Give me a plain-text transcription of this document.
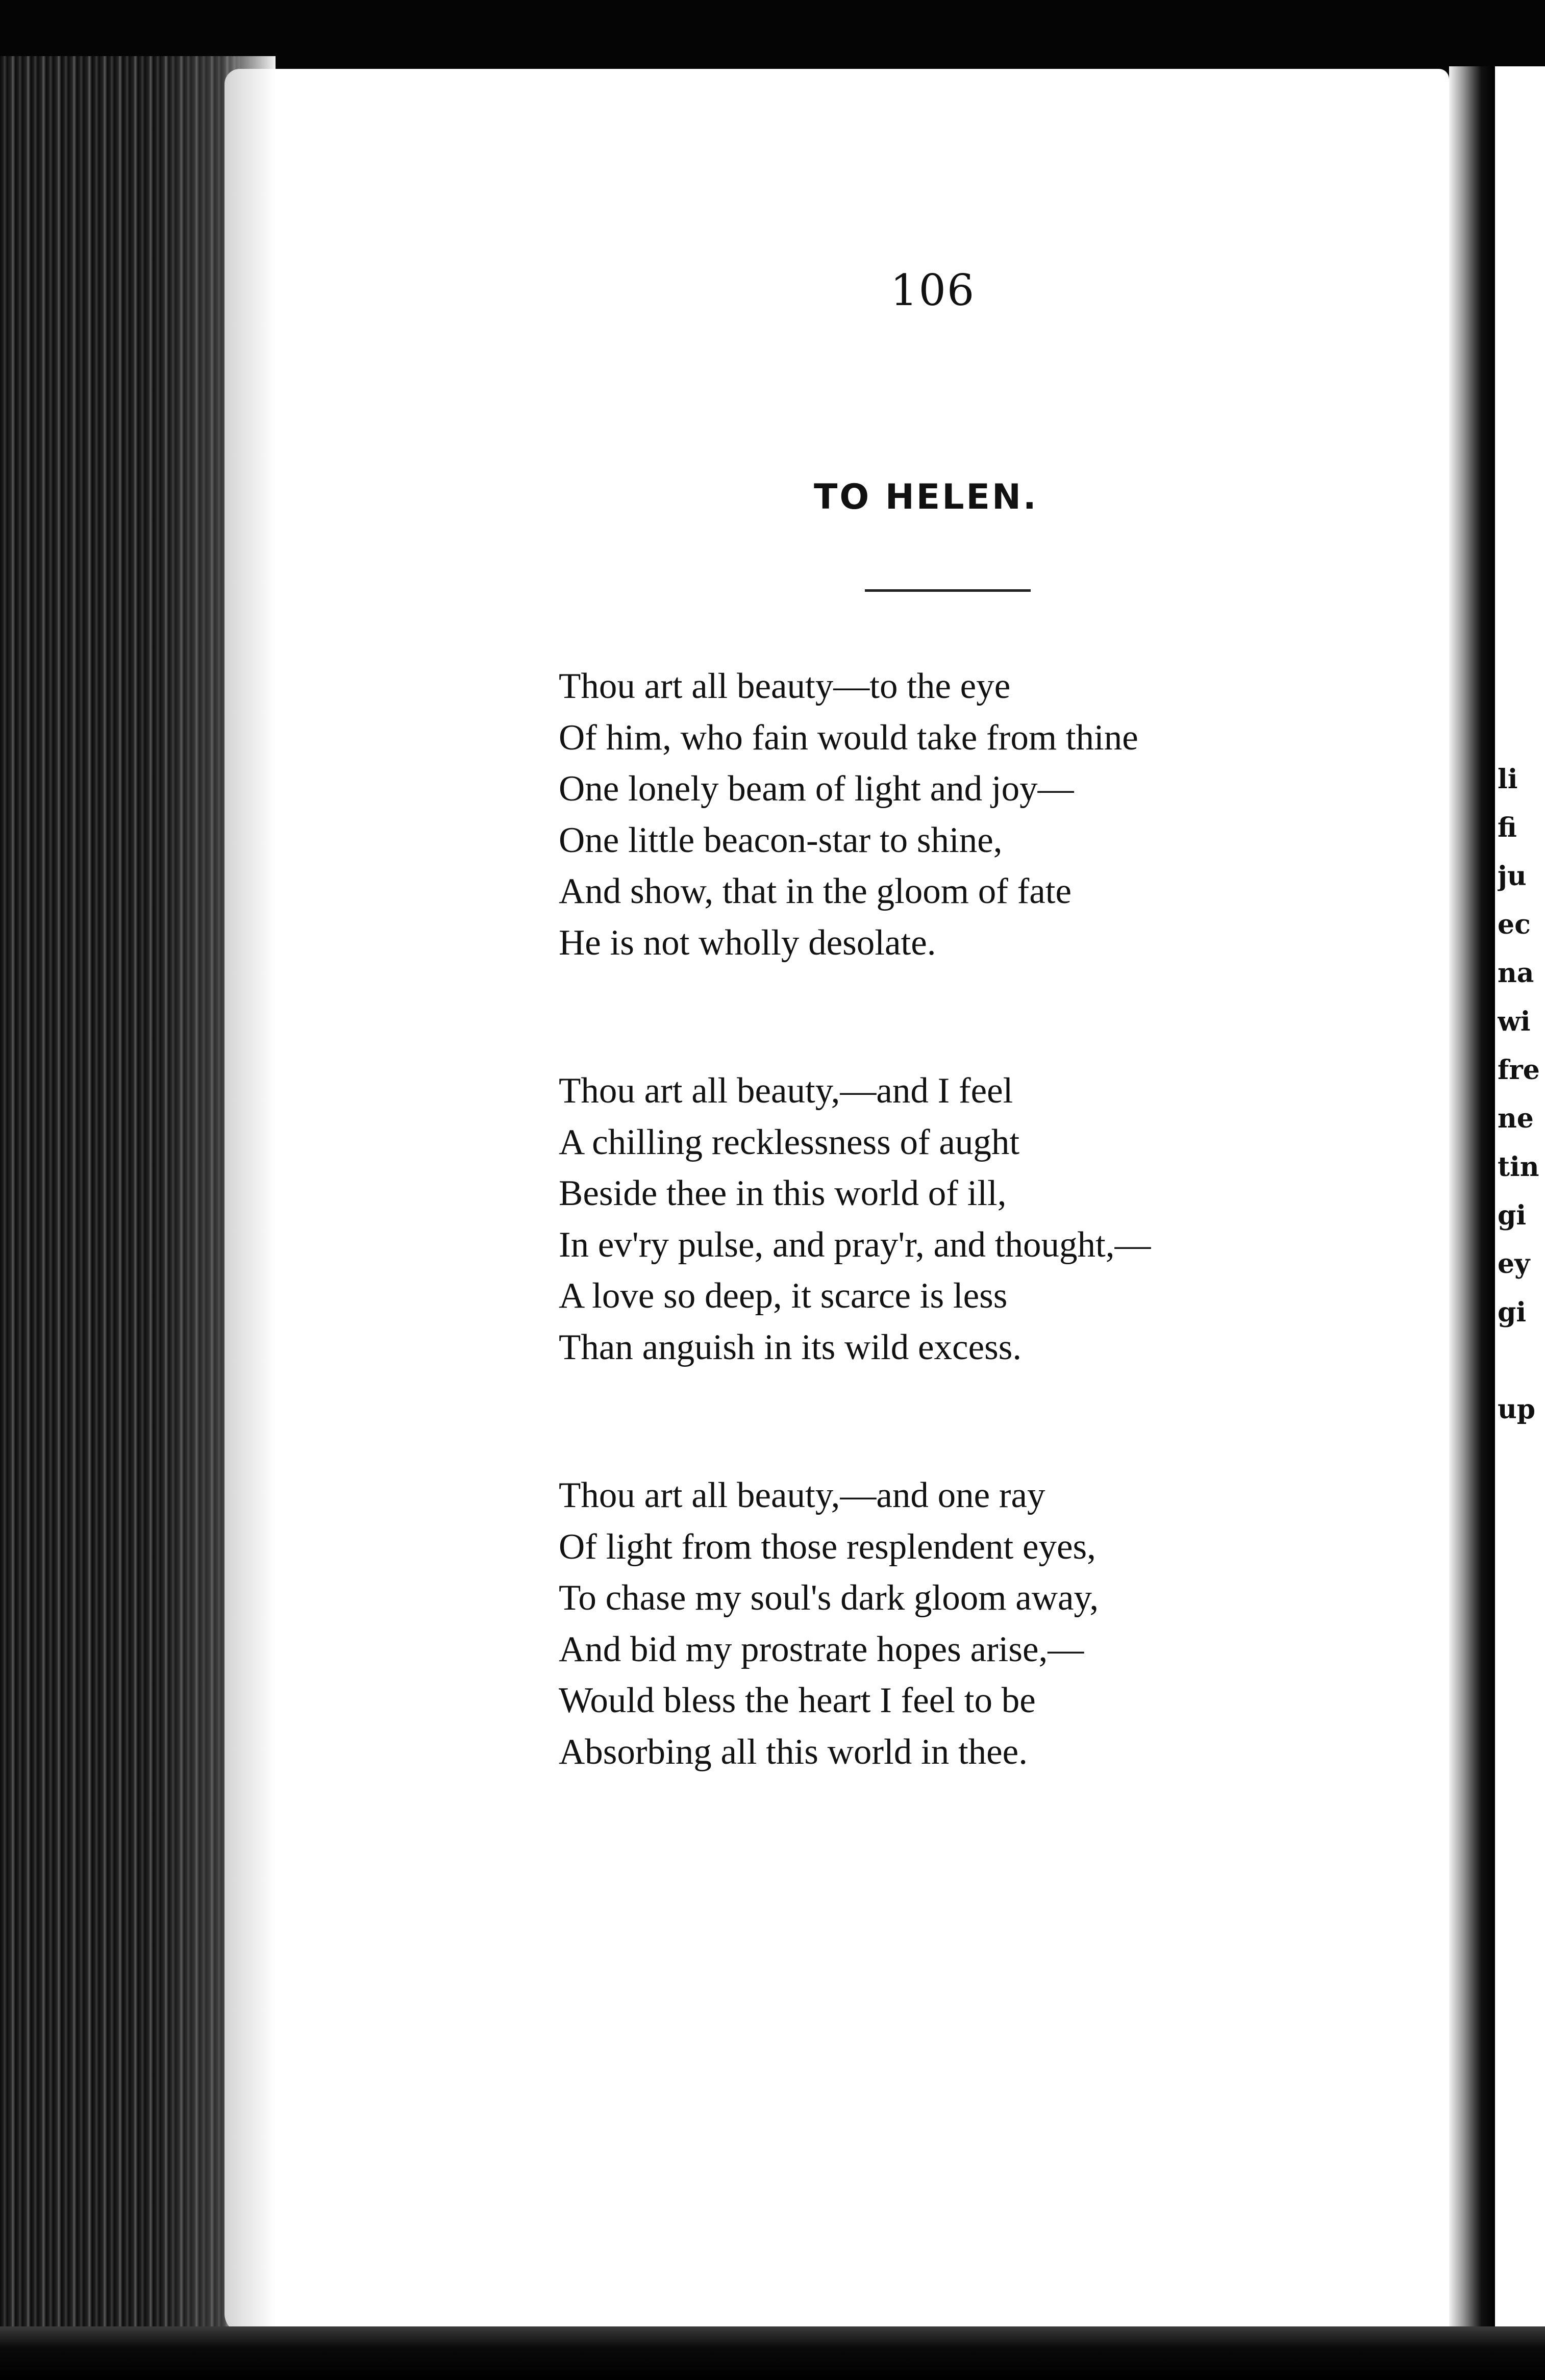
li
fi
ju
ec
na
wi
fre
ne
tin
gi
ey
gi
up
106
TO HELEN.
Thou art all beauty—to the eye
Of him, who fain would take from thine
One lonely beam of light and joy—
One little beacon-star to shine,
And show, that in the gloom of fate
He is not wholly desolate.
Thou art all beauty,—and I feel
A chilling recklessness of aught
Beside thee in this world of ill,
In ev'ry pulse, and pray'r, and thought,—
A love so deep, it scarce is less
Than anguish in its wild excess.
Thou art all beauty,—and one ray
Of light from those resplendent eyes,
To chase my soul's dark gloom away,
And bid my prostrate hopes arise,—
Would bless the heart I feel to be
Absorbing all this world in thee.
